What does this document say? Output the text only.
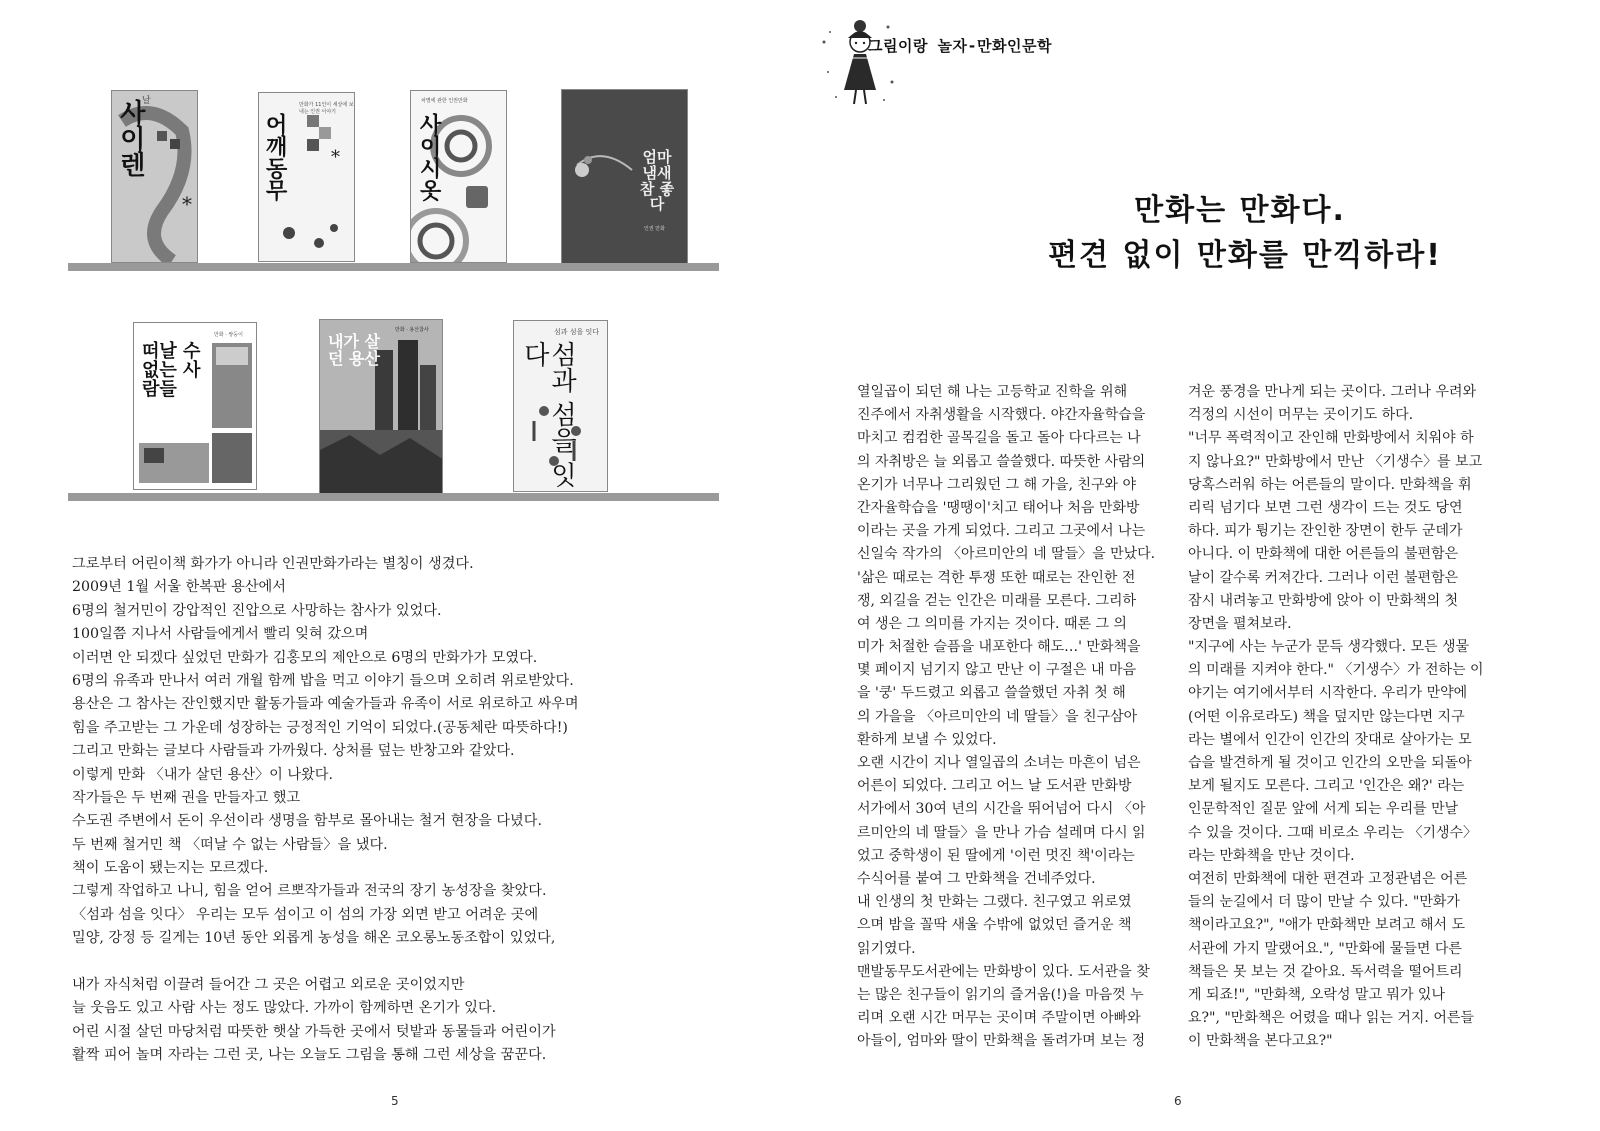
*
사이렌
날
*
어깨동무
만화가 11인이 세상에 보내는 인권 이야기
사이시옷
차별에 관한 인권만화
엄마 냄새 참 좋다
인권 만화
떠날 수 없는 사람들
만화 · 쌍둥이	내가 살던 용산
만화 · 용산참사
섬과 섬을 잇다
섬과 섬을 잇다
그로부터 어린이책 화가가 아니라 인권만화가라는 별칭이 생겼다.
2009년 1월 서울 한복판 용산에서
6명의 철거민이 강압적인 진압으로 사망하는 참사가 있었다.
100일쯤 지나서 사람들에게서 빨리 잊혀 갔으며
이러면 안 되겠다 싶었던 만화가 김홍모의 제안으로 6명의 만화가가 모였다.
6명의 유족과 만나서 여러 개월 함께 밥을 먹고 이야기 들으며 오히려 위로받았다.
용산은 그 참사는 잔인했지만 활동가들과 예술가들과 유족이 서로 위로하고 싸우며
힘을 주고받는 그 가운데 성장하는 긍정적인 기억이 되었다.(공동체란 따뜻하다!)
그리고 만화는 글보다 사람들과 가까웠다. 상처를 덮는 반창고와 같았다.
이렇게 만화 〈내가 살던 용산〉이 나왔다.
작가들은 두 번째 권을 만들자고 했고
수도권 주변에서 돈이 우선이라 생명을 함부로 몰아내는 철거 현장을 다녔다.
두 번째 철거민 책 〈떠날 수 없는 사람들〉을 냈다.
책이 도움이 됐는지는 모르겠다.
그렇게 작업하고 나니, 힘을 얻어 르뽀작가들과 전국의 장기 농성장을 찾았다.
〈섬과 섬을 잇다〉 우리는 모두 섬이고 이 섬의 가장 외면 받고 어려운 곳에
밀양, 강정 등 길게는 10년 동안 외롭게 농성을 해온 코오롱노동조합이 있었다,
내가 자식처럼 이끌려 들어간 그 곳은 어렵고 외로운 곳이었지만
늘 웃음도 있고 사람 사는 정도 많았다. 가까이 함께하면 온기가 있다.
어린 시절 살던 마당처럼 따뜻한 햇살 가득한 곳에서 텃밭과 동물들과 어린이가
활짝 피어 놀며 자라는 그런 곳, 나는 오늘도 그림을 통해 그런 세상을 꿈꾼다.
5
그림이랑 놀자-만화인문학
만화는 만화다.
편견 없이 만화를 만끽하라!
열일곱이 되던 해 나는 고등학교 진학을 위해
진주에서 자취생활을 시작했다. 야간자율학습을
마치고 컴컴한 골목길을 돌고 돌아 다다르는 나
의 자취방은 늘 외롭고 쓸쓸했다. 따뜻한 사람의
온기가 너무나 그리웠던 그 해 가을, 친구와 야
간자율학습을 '땡땡이'치고 태어나 처음 만화방
이라는 곳을 가게 되었다. 그리고 그곳에서 나는
신일숙 작가의 〈아르미안의 네 딸들〉을 만났다.
'삶은 때로는 격한 투쟁 또한 때로는 잔인한 전
쟁, 외길을 걷는 인간은 미래를 모른다. 그리하
여 생은 그 의미를 가지는 것이다. 때론 그 의
미가 처절한 슬픔을 내포한다 해도…' 만화책을
몇 페이지 넘기지 않고 만난 이 구절은 내 마음
을 '쿵' 두드렸고 외롭고 쓸쓸했던 자취 첫 해
의 가을을 〈아르미안의 네 딸들〉을 친구삼아
환하게 보낼 수 있었다.
오랜 시간이 지나 열일곱의 소녀는 마흔이 넘은
어른이 되었다. 그리고 어느 날 도서관 만화방
서가에서 30여 년의 시간을 뛰어넘어 다시 〈아
르미안의 네 딸들〉을 만나 가슴 설레며 다시 읽
었고 중학생이 된 딸에게 '이런 멋진 책'이라는
수식어를 붙여 그 만화책을 건네주었다.
내 인생의 첫 만화는 그랬다. 친구였고 위로였
으며 밤을 꼴딱 새울 수밖에 없었던 즐거운 책
읽기였다.
맨발동무도서관에는 만화방이 있다. 도서관을 찾
는 많은 친구들이 읽기의 즐거움(!)을 마음껏 누
리며 오랜 시간 머무는 곳이며 주말이면 아빠와
아들이, 엄마와 딸이 만화책을 돌려가며 보는 정
겨운 풍경을 만나게 되는 곳이다. 그러나 우려와
걱정의 시선이 머무는 곳이기도 하다.
"너무 폭력적이고 잔인해 만화방에서 치워야 하
지 않나요?" 만화방에서 만난 〈기생수〉를 보고
당혹스러워 하는 어른들의 말이다. 만화책을 휘
리릭 넘기다 보면 그런 생각이 드는 것도 당연
하다. 피가 튕기는 잔인한 장면이 한두 군데가
아니다. 이 만화책에 대한 어른들의 불편함은
날이 갈수록 커져간다. 그러나 이런 불편함은
잠시 내려놓고 만화방에 앉아 이 만화책의 첫
장면을 펼쳐보라.
"지구에 사는 누군가 문득 생각했다. 모든 생물
의 미래를 지켜야 한다." 〈기생수〉가 전하는 이
야기는 여기에서부터 시작한다. 우리가 만약에
(어떤 이유로라도) 책을 덮지만 않는다면 지구
라는 별에서 인간이 인간의 잣대로 살아가는 모
습을 발견하게 될 것이고 인간의 오만을 되돌아
보게 될지도 모른다. 그리고 '인간은 왜?' 라는
인문학적인 질문 앞에 서게 되는 우리를 만날
수 있을 것이다. 그때 비로소 우리는 〈기생수〉
라는 만화책을 만난 것이다.
여전히 만화책에 대한 편견과 고정관념은 어른
들의 눈길에서 더 많이 만날 수 있다. "만화가
책이라고요?", "애가 만화책만 보려고 해서 도
서관에 가지 말랬어요.", "만화에 물들면 다른
책들은 못 보는 것 같아요. 독서력을 떨어트리
게 되죠!", "만화책, 오락성 말고 뭐가 있나
요?", "만화책은 어렸을 때나 읽는 거지. 어른들
이 만화책을 본다고요?"
6
